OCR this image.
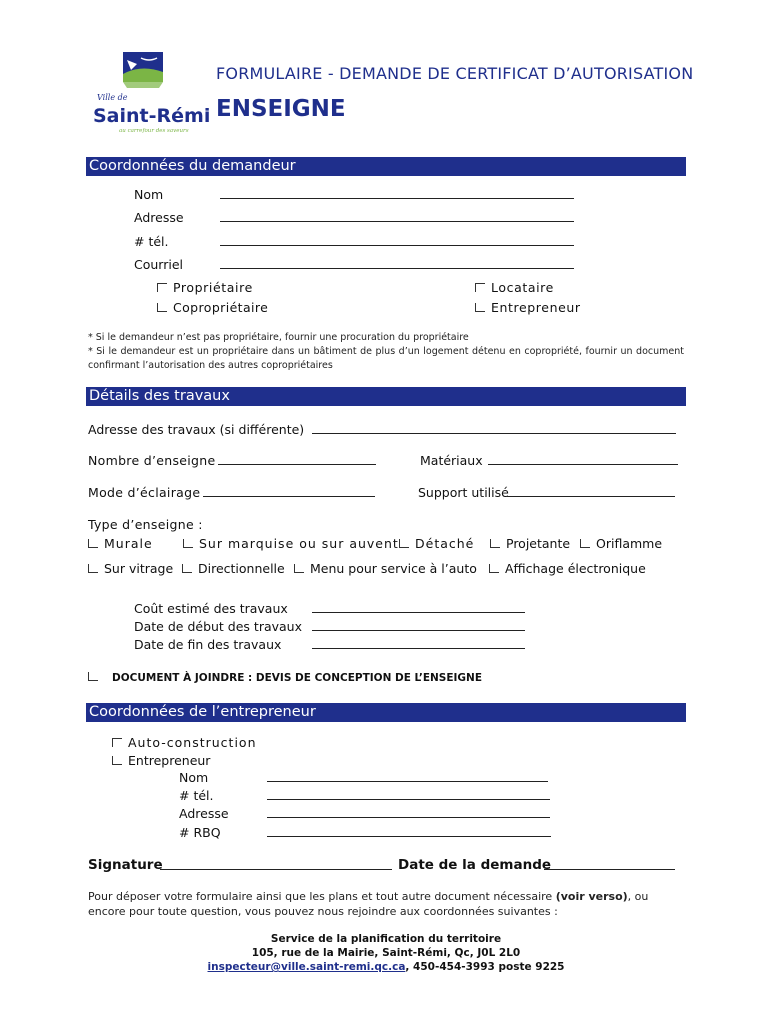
Ville de
Saint-Rémi
au carrefour des saveurs
FORMULAIRE - DEMANDE DE CERTIFICAT D’AUTORISATION
ENSEIGNE
Coordonnées du demandeur
Nom
Adresse
# tél.
Courriel
Propriétaire
Copropriétaire
Locataire
Entrepreneur
* Si le demandeur n’est pas propriétaire, fournir une procuration du propriétaire
* Si le demandeur est un propriétaire dans un bâtiment de plus d’un logement détenu en copropriété, fournir un document confirmant l’autorisation des autres copropriétaires
Détails des travaux
Adresse des travaux (si différente)
Nombre d’enseigne	Matériaux
Mode d’éclairage	Support utilisé
Type d’enseigne :
Murale	Sur marquise ou sur auvent	Détaché	Projetante	Oriflamme
Sur vitrage	Directionnelle	Menu pour service à l’auto	Affichage électronique
Coût estimé des travaux
Date de début des travaux
Date de fin des travaux
DOCUMENT À JOINDRE : DEVIS DE CONCEPTION DE L’ENSEIGNE
Coordonnées de l’entrepreneur
Auto-construction
Entrepreneur
Nom
# tél.
Adresse
# RBQ
Signature	Date de la demande
Pour déposer votre formulaire ainsi que les plans et tout autre document nécessaire (voir verso), ou encore pour toute question, vous pouvez nous rejoindre aux coordonnées suivantes :
Service de la planification du territoire
105, rue de la Mairie, Saint-Rémi, Qc, J0L 2L0
inspecteur@ville.saint-remi.qc.ca, 450-454-3993 poste 9225
